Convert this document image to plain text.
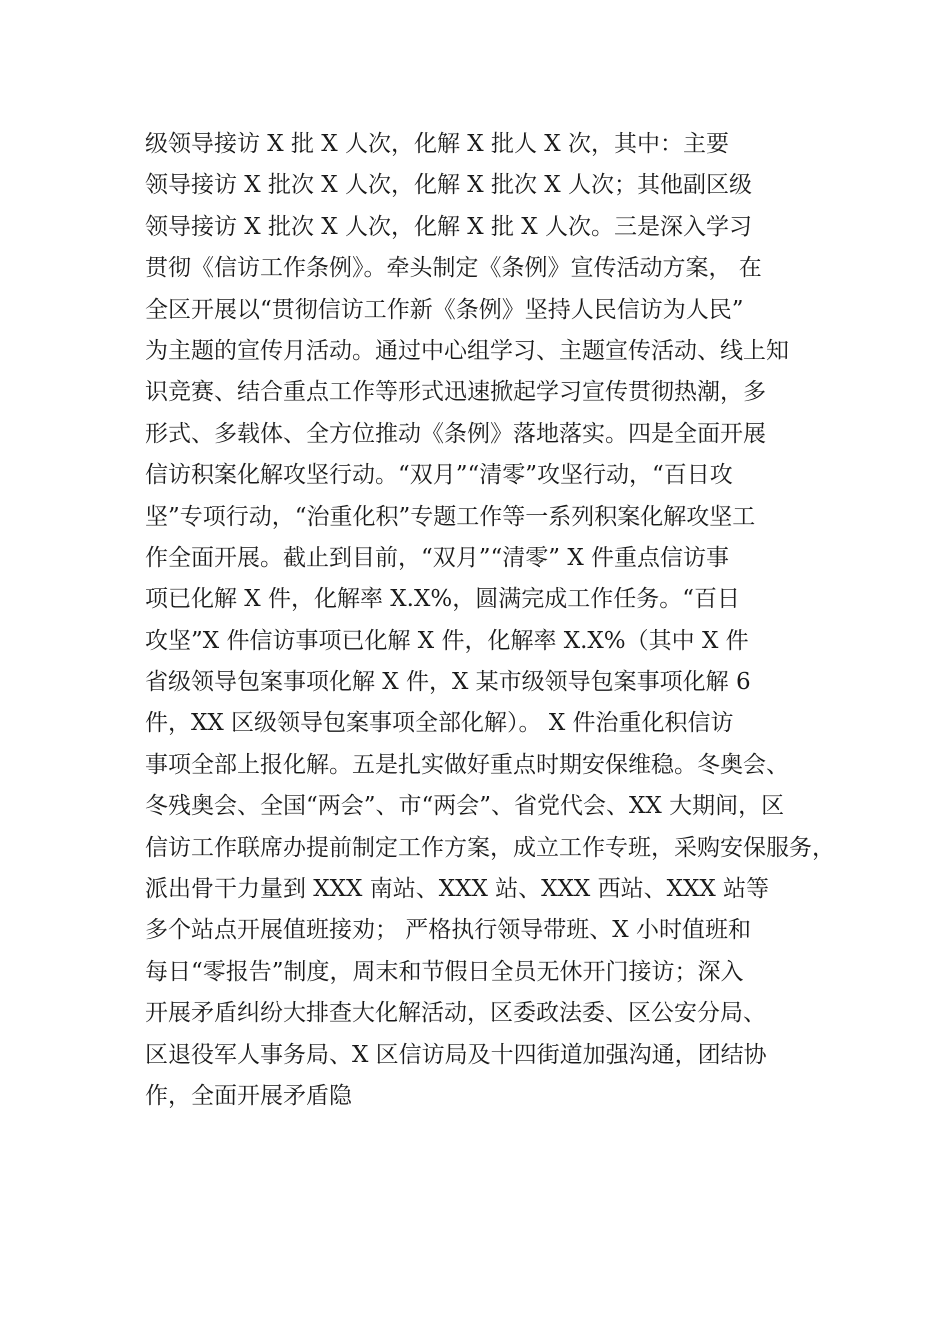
级领导接访 X 批 X 人次，化解 X 批人 X 次，其中：主要
领导接访 X 批次 X 人次，化解 X 批次 X 人次；其他副区级
领导接访 X 批次 X 人次，化解 X 批 X 人次。三是深入学习
贯彻《信访工作条例》。牵头制定《条例》宣传活动方案， 在
全区开展以“贯彻信访工作新《条例》坚持人民信访为人民”
为主题的宣传月活动。通过中心组学习、主题宣传活动、线上知
识竞赛、结合重点工作等形式迅速掀起学习宣传贯彻热潮，多
形式、多载体、全方位推动《条例》落地落实。四是全面开展
信访积案化解攻坚行动。“双月”“清零”攻坚行动，“百日攻
坚”专项行动，“治重化积”专题工作等一系列积案化解攻坚工
作全面开展。截止到目前，“双月”“清零” X 件重点信访事
项已化解 X 件，化解率 X.X%，圆满完成工作任务。“百日
攻坚”X 件信访事项已化解 X 件，化解率 X.X%（其中 X 件
省级领导包案事项化解 X 件，X 某市级领导包案事项化解 6
件，XX 区级领导包案事项全部化解）。 X 件治重化积信访
事项全部上报化解。五是扎实做好重点时期安保维稳。冬奥会、
冬残奥会、全国“两会”、市“两会”、省党代会、XX 大期间，区
信访工作联席办提前制定工作方案，成立工作专班，采购安保服务，
派出骨干力量到 XXX 南站、XXX 站、XXX 西站、XXX 站等
多个站点开展值班接劝； 严格执行领导带班、X 小时值班和
每日“零报告”制度，周末和节假日全员无休开门接访；深入
开展矛盾纠纷大排查大化解活动，区委政法委、区公安分局、
区退役军人事务局、X 区信访局及十四街道加强沟通，团结协
作，全面开展矛盾隐
